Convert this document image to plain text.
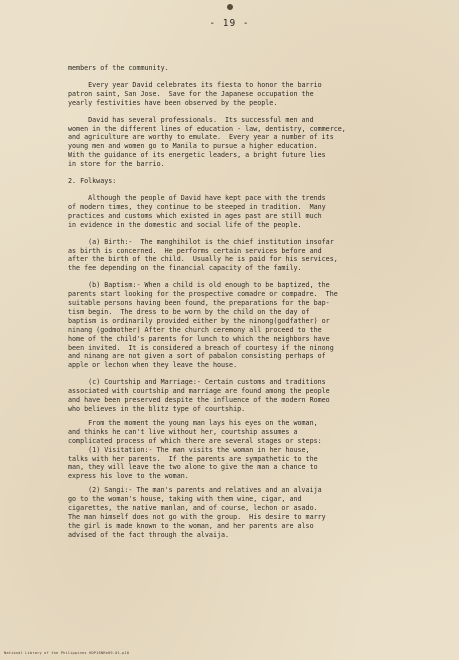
- 19 -

members of the community.

Every year David celebrates its fiesta to honor the barrio
patron saint, San Jose.  Save for the Japanese occupation the
yearly festivities have been observed by the people.

David has several professionals.  Its successful men and
women in the different lines of education - law, dentistry, commerce,
and agriculture are worthy to emulate.  Every year a number of its
young men and women go to Manila to pursue a higher education.
With the guidance of its energetic leaders, a bright future lies
in store for the barrio.

2. Folkways:

Although the people of David have kept pace with the trends
of modern times, they continue to be steeped in tradition.  Many
practices and customs which existed in ages past are still much
in evidence in the domestic and social life of the people.

(a) Birth:-  The manghihilot is the chief institution insofar
as birth is concerned.  He performs certain services before and
after the birth of the child.  Usually he is paid for his services,
the fee depending on the financial capacity of the family.

(b) Baptism:- When a child is old enough to be baptized, the
parents start looking for the prospective comadre or compadre.  The
suitable persons having been found, the preparations for the bap-
tism begin.  The dress to be worn by the child on the day of
baptism is ordinarily provided either by the ninong(godfather) or
ninang (godmother) After the church ceremony all proceed to the
home of the child's parents for lunch to which the neighbors have
been invited.  It is considered a breach of courtesy if the ninong
and ninang are not given a sort of pabalon consisting perhaps of
apple or lechon when they leave the house.

(c) Courtship and Marriage:- Certain customs and traditions
associated with courtship and marriage are found among the people
and have been preserved despite the influence of the modern Romeo
who believes in the blitz type of courtship.

From the moment the young man lays his eyes on the woman,
and thinks he can't live without her, courtship assumes a
complicated process of which there are several stages or steps:
(1) Visitation:- The man visits the woman in her house,
talks with her parents.  If the parents are sympathetic to the
man, they will leave the two alone to give the man a chance to
express his love to the woman.

(2) Sangi:- The man's parents and relatives and an alvaija
go to the woman's house, taking with them wine, cigar, and
cigarettes, the native manlan, and of course, lechon or asado.
The man himself does not go with the group.  His desire to marry
the girl is made known to the woman, and her parents are also
advised of the fact through the alvaija.

National Library of the Philippines HDP16NRe09-01-p10
